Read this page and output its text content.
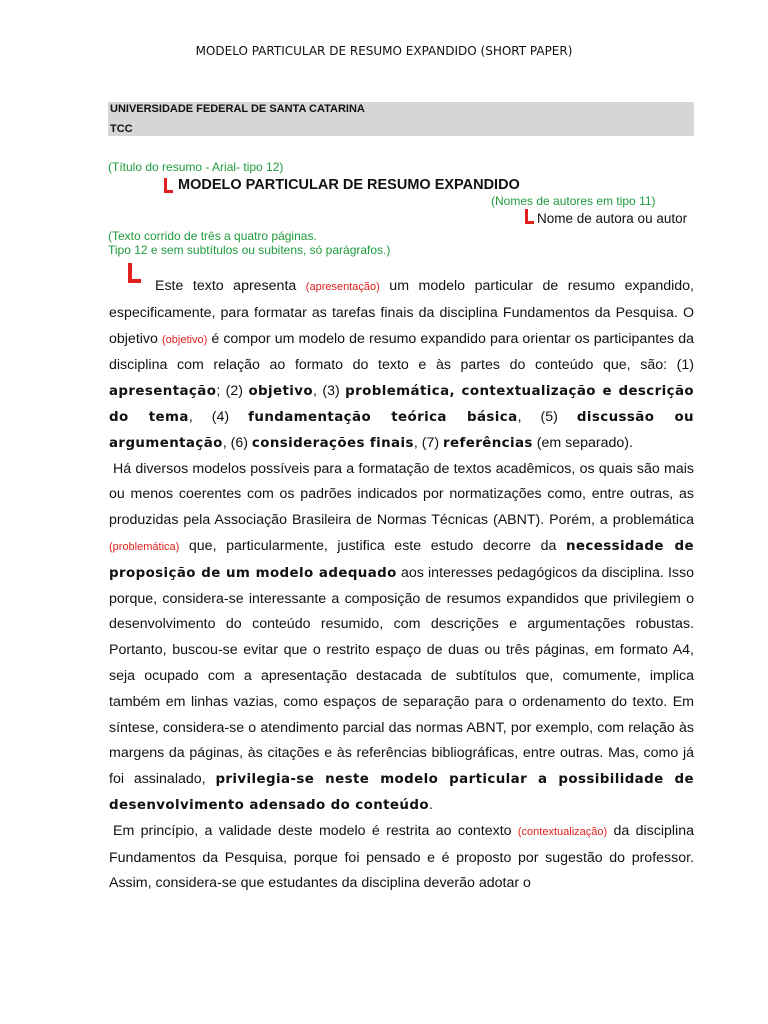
MODELO PARTICULAR DE RESUMO EXPANDIDO (SHORT PAPER)
UNIVERSIDADE FEDERAL DE SANTA CATARINA
TCC
(Título do resumo - Arial- tipo 12)
MODELO PARTICULAR DE RESUMO EXPANDIDO
(Nomes de autores em tipo 11)
Nome de autora ou autor
(Texto corrido de três a quatro páginas.
Tipo 12 e sem subtítulos ou subitens, só parágrafos.)

Este texto apresenta (apresentação) um modelo particular de resumo expandido, especificamente, para formatar as tarefas finais da disciplina Fundamentos da Pesquisa. O objetivo (objetivo) é compor um modelo de resumo expandido para orientar os participantes da disciplina com relação ao formato do texto e às partes do conteúdo que, são: (1) apresentação; (2) objetivo, (3) problemática, contextualização e descrição do tema, (4) fundamentação teórica básica, (5) discussão ou argumentação, (6) considerações finais, (7) referências (em separado).

Há diversos modelos possíveis para a formatação de textos acadêmicos, os quais são mais ou menos coerentes com os padrões indicados por normatizações como, entre outras, as produzidas pela Associação Brasileira de Normas Técnicas (ABNT). Porém, a problemática (problemática) que, particularmente, justifica este estudo decorre da necessidade de proposição de um modelo adequado aos interesses pedagógicos da disciplina. Isso porque, considera-se interessante a composição de resumos expandidos que privilegiem o desenvolvimento do conteúdo resumido, com descrições e argumentações robustas. Portanto, buscou-se evitar que o restrito espaço de duas ou três páginas, em formato A4, seja ocupado com a apresentação destacada de subtítulos que, comumente, implica também em linhas vazias, como espaços de separação para o ordenamento do texto. Em síntese, considera-se o atendimento parcial das normas ABNT, por exemplo, com relação às margens da páginas, às citações e às referências bibliográficas, entre outras. Mas, como já foi assinalado, privilegia-se neste modelo particular a possibilidade de desenvolvimento adensado do conteúdo.

Em princípio, a validade deste modelo é restrita ao contexto (contextualização) da disciplina Fundamentos da Pesquisa, porque foi pensado e é proposto por sugestão do professor. Assim, considera-se que estudantes da disciplina deverão adotar o
